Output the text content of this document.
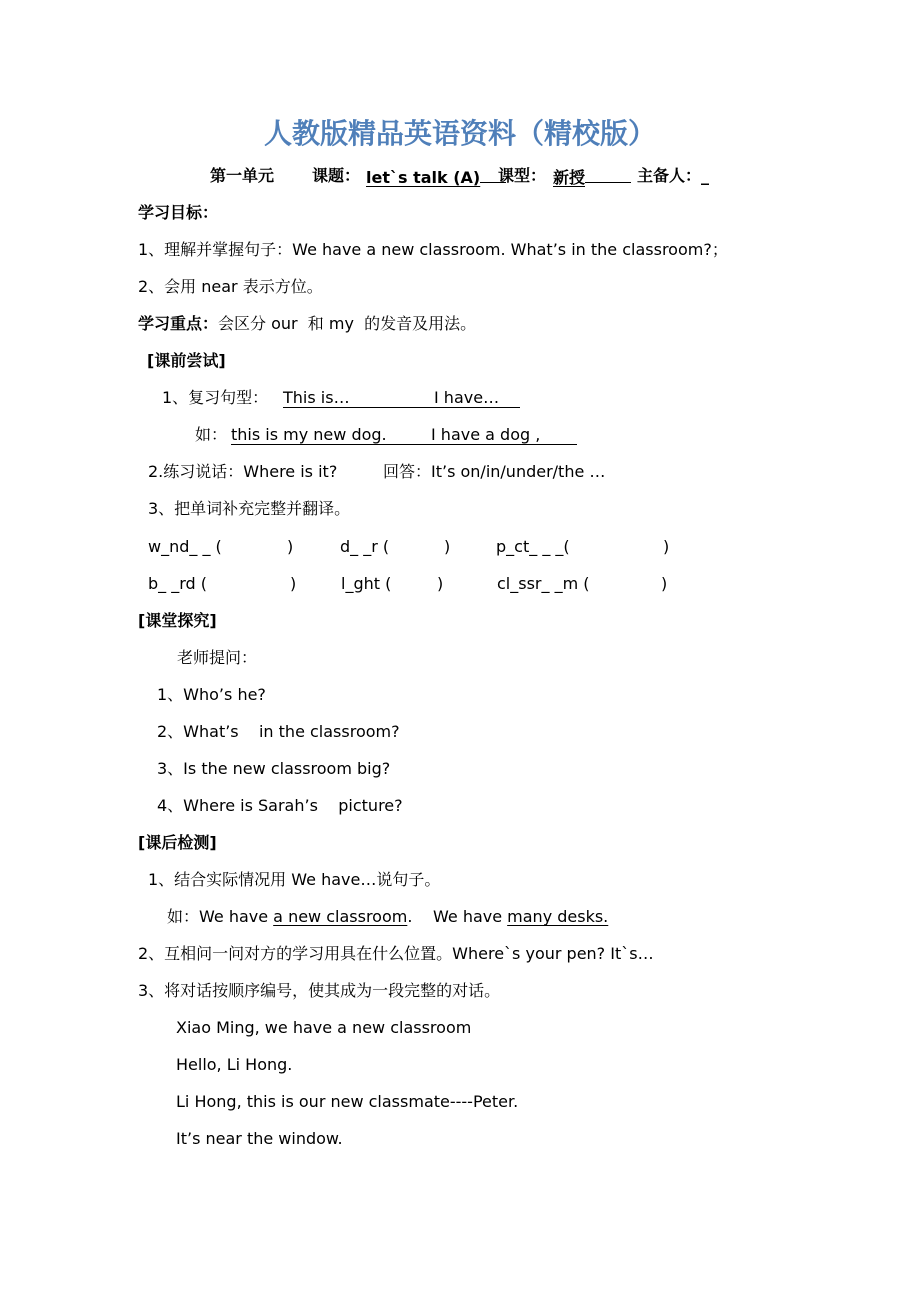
人教版精品英语资料（精校版）
第一单元 课题： let`s talk (A)	课型： 新授	主备人：_
学习目标：
1、理解并掌握句子：We have a new classroom. What’s in the classroom?；
2、会用 near 表示方位。
学习重点：会区分 our  和 my  的发音及用法。
[课前尝试]
1、复习句型： This is…	I have…
如： this is my new dog.	I have a dog ,
2.练习说话：Where is it?	回答：It’s on/in/under/the …
3、把单词补充完整并翻译。
w_nd_ _ (	)	d_ _r (	)	p_ct_ _ _(	)
b_ _rd (	)	l_ght (	)	cl_ssr_ _m (	)
[课堂探究]
老师提问：
1、Who’s he?
2、What’s    in the classroom?
3、Is the new classroom big?
4、Where is Sarah’s    picture?
[课后检测]
1、结合实际情况用 We have…说句子。
如：We have a new classroom. We have many desks.
2、互相问一问对方的学习用具在什么位置。Where`s your pen? It`s…
3、将对话按顺序编号，使其成为一段完整的对话。
Xiao Ming, we have a new classroom
Hello, Li Hong.
Li Hong, this is our new classmate----Peter.
It’s near the window.
